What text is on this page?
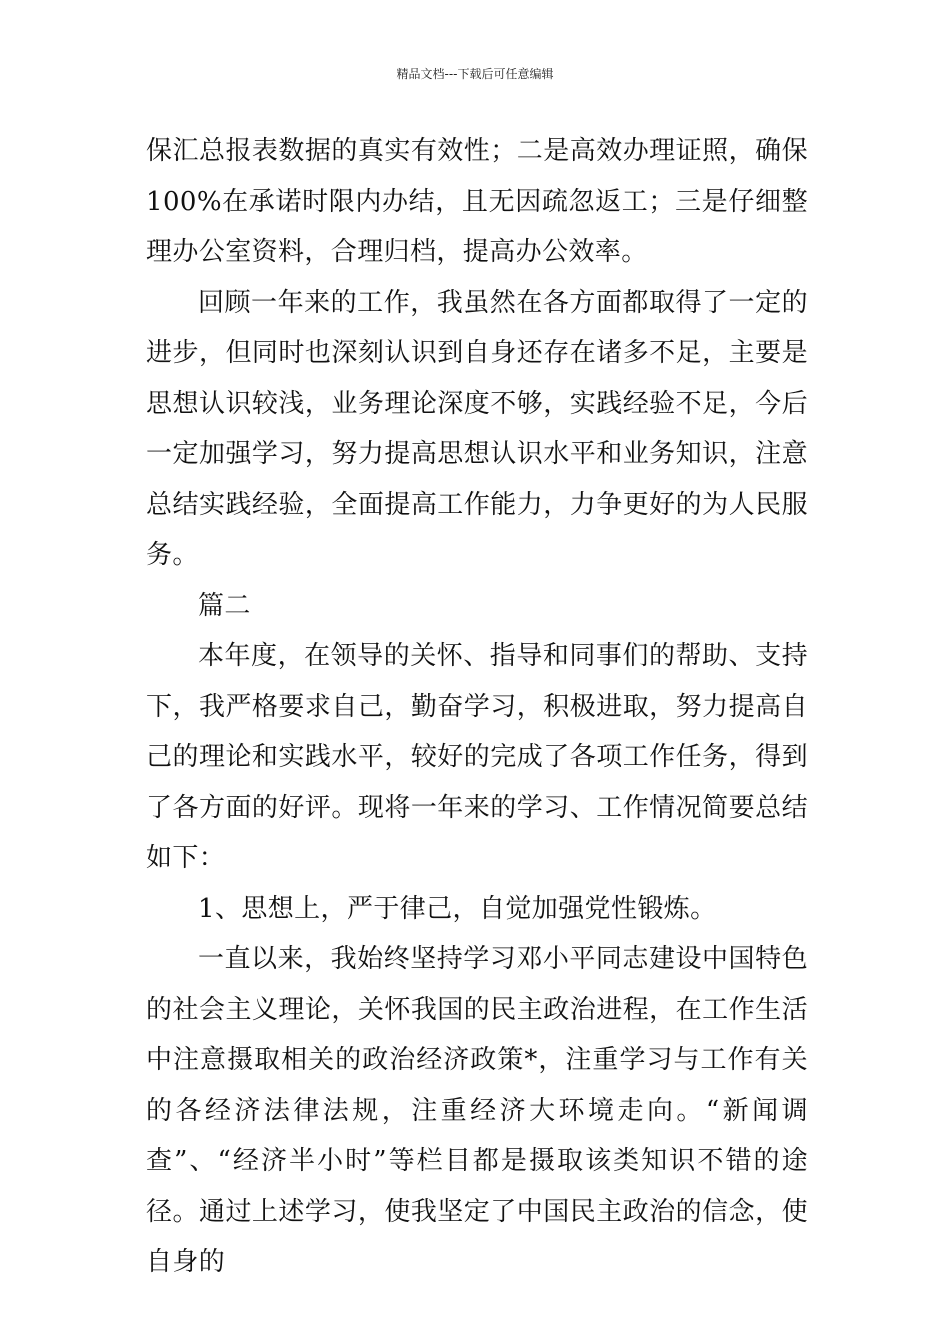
精品文档---下载后可任意编辑

保汇总报表数据的真实有效性；二是高效办理证照，确保100%在承诺时限内办结，且无因疏忽返工；三是仔细整理办公室资料，合理归档，提高办公效率。

回顾一年来的工作，我虽然在各方面都取得了一定的进步，但同时也深刻认识到自身还存在诸多不足，主要是思想认识较浅，业务理论深度不够，实践经验不足，今后一定加强学习，努力提高思想认识水平和业务知识，注意总结实践经验，全面提高工作能力，力争更好的为人民服务。

篇二

本年度，在领导的关怀、指导和同事们的帮助、支持下，我严格要求自己，勤奋学习，积极进取，努力提高自己的理论和实践水平，较好的完成了各项工作任务，得到了各方面的好评。现将一年来的学习、工作情况简要总结如下：

1、思想上，严于律己，自觉加强党性锻炼。

一直以来，我始终坚持学习邓小平同志建设中国特色的社会主义理论，关怀我国的民主政治进程，在工作生活中注意摄取相关的政治经济政策*，注重学习与工作有关的各经济法律法规，注重经济大环境走向。“新闻调查”、“经济半小时”等栏目都是摄取该类知识不错的途径。通过上述学习，使我坚定了中国民主政治的信念，使自身的
